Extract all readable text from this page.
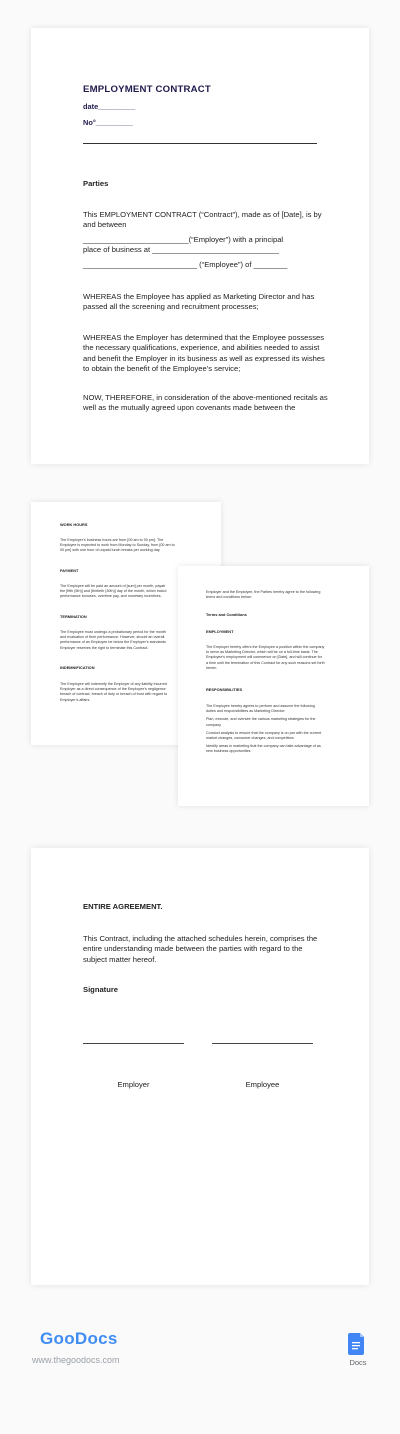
EMPLOYMENT CONTRACT
date_________
No°_________
Parties
This EMPLOYMENT CONTRACT (“Contract”), made as of [Date], is by
and between
_________________________(“Employer”) with a principal
place of business at ______________________________
___________________________ (“Employee”) of ________
WHEREAS the Employee has applied as Marketing Director and has
passed all the screening and recruitment processes;
WHEREAS the Employer has determined that the Employee possesses
the necessary qualifications, experience, and abilities needed to assist
and benefit the Employer in its business as well as expressed its wishes
to obtain the benefit of the Employee’s service;
NOW, THEREFORE, in consideration of the above-mentioned recitals as
well as the mutually agreed upon covenants made between the
WORK HOURS
The Employer’s business hours are from [00 am to 00 pm]. The
Employee is expected to work from Monday to Sunday, from [00 am to
00 pm] with one hour of unpaid lunch breaks per working day.
PAYMENT
The Employee will be paid an amount of [sum] per month, payab
the [fifth (5th)] and [thirtieth (30th)] day of the month, which includ
performance bonuses, overtime pay, and monetary incentives.
TERMINATION
The Employee must undergo a probationary period for the month
and evaluation of their performance. However, should an overall
performance of an Employee be below the Employer’s standards
Employer reserves the right to terminate this Contract.
INDEMNIFICATION
The Employee will indemnify the Employer of any liability incurred
Employer as a direct consequence of the Employee’s negligence
breach of contract, breach of duty or breach of trust with regard to
Employer’s affairs.
Employer and the Employee, the Parties hereby agree to the following
terms and conditions below:
Terms and Conditions
EMPLOYMENT
The Employer hereby offers the Employee a position within the company
to serve as Marketing Director, which will be on a full-time basis. The
Employee’s employment will commence on [Date], and will continue for
a time until the termination of this Contract for any such reasons set forth
herein.
RESPONSIBILITIES
The Employee hereby agrees to perform and assume the following
duties and responsibilities as Marketing Director:
Plan, execute, and oversee the various marketing strategies for the
company
Conduct analysis to ensure that the company is on par with the current
market changes, consumer changes, and competitors
Identify areas in marketing that the company can take advantage of as
new business opportunities
ENTIRE AGREEMENT.
This Contract, including the attached schedules herein, comprises the
entire understanding made between the parties with regard to the
subject matter hereof.
Signature
Employer	Employee
GooDocs
www.thegoodocs.com	Docs
